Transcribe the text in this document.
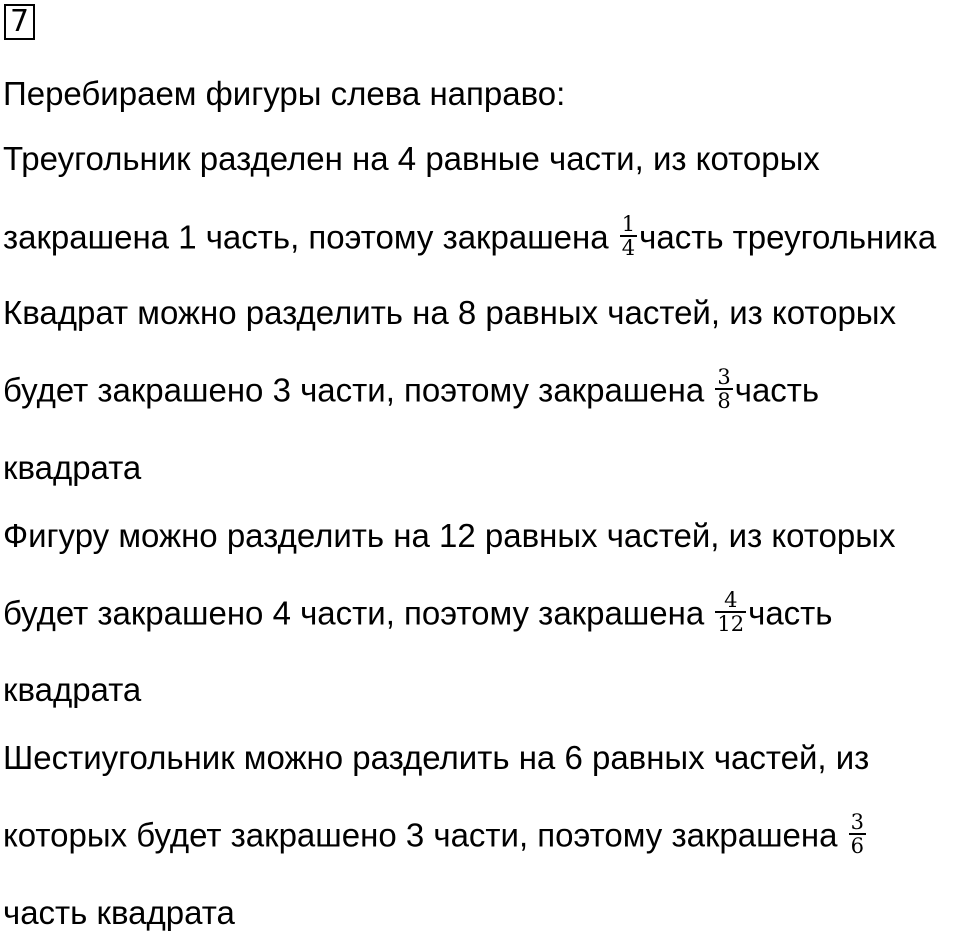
7
Перебираем фигуры слева направо:
Треугольник разделен на 4 равные части, из которых
закрашена 1 часть, поэтому закрашена $\frac{1}{4}$ часть треугольника
Квадрат можно разделить на 8 равных частей, из которых
будет закрашено 3 части, поэтому закрашена $\frac{3}{8}$ часть
квадрата
Фигуру можно разделить на 12 равных частей, из которых
будет закрашено 4 части, поэтому закрашена $\frac{4}{12}$ часть
квадрата
Шестиугольник можно разделить на 6 равных частей, из
которых будет закрашено 3 части, поэтому закрашена $\frac{3}{6}$
часть квадрата
